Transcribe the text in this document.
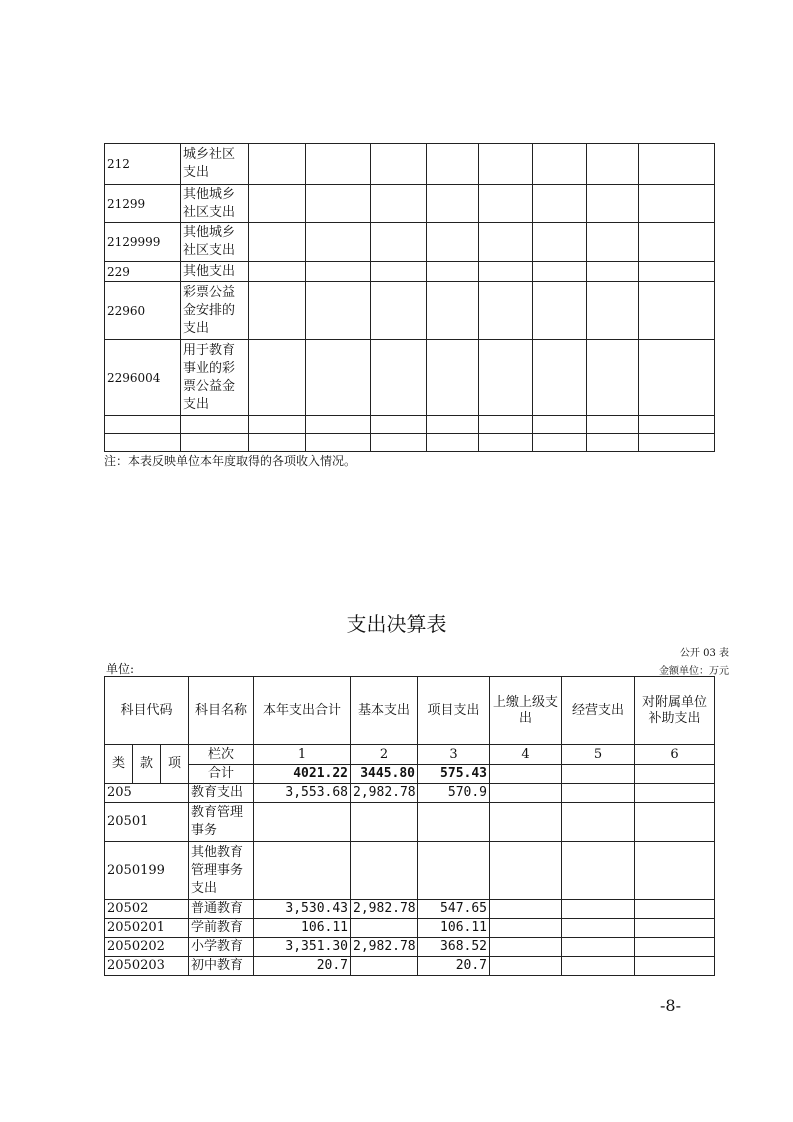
212	城乡社区支出								
21299	其他城乡社区支出								
2129999	其他城乡社区支出								
229	其他支出								
22960	彩票公益金安排的支出								
2296004	用于教育事业的彩票公益金支出								

注：本表反映单位本年度取得的各项收入情况。
支出决算表
公开 03 表
单位:	金额单位：万元
科目代码			科目名称	本年支出合计	基本支出	项目支出	上缴上级支出	经营支出	对附属单位补助支出
类	款	项	栏次	1	2	3	4	5	6
			合计	4021.22	3445.80	575.43			
205			教育支出	3,553.68	2,982.78	570.9			
20501			教育管理事务						
2050199			其他教育管理事务支出						
20502			普通教育	3,530.43	2,982.78	547.65			
2050201			学前教育	106.11		106.11			
2050202			小学教育	3,351.30	2,982.78	368.52			
2050203			初中教育	20.7		20.7			
-8-
